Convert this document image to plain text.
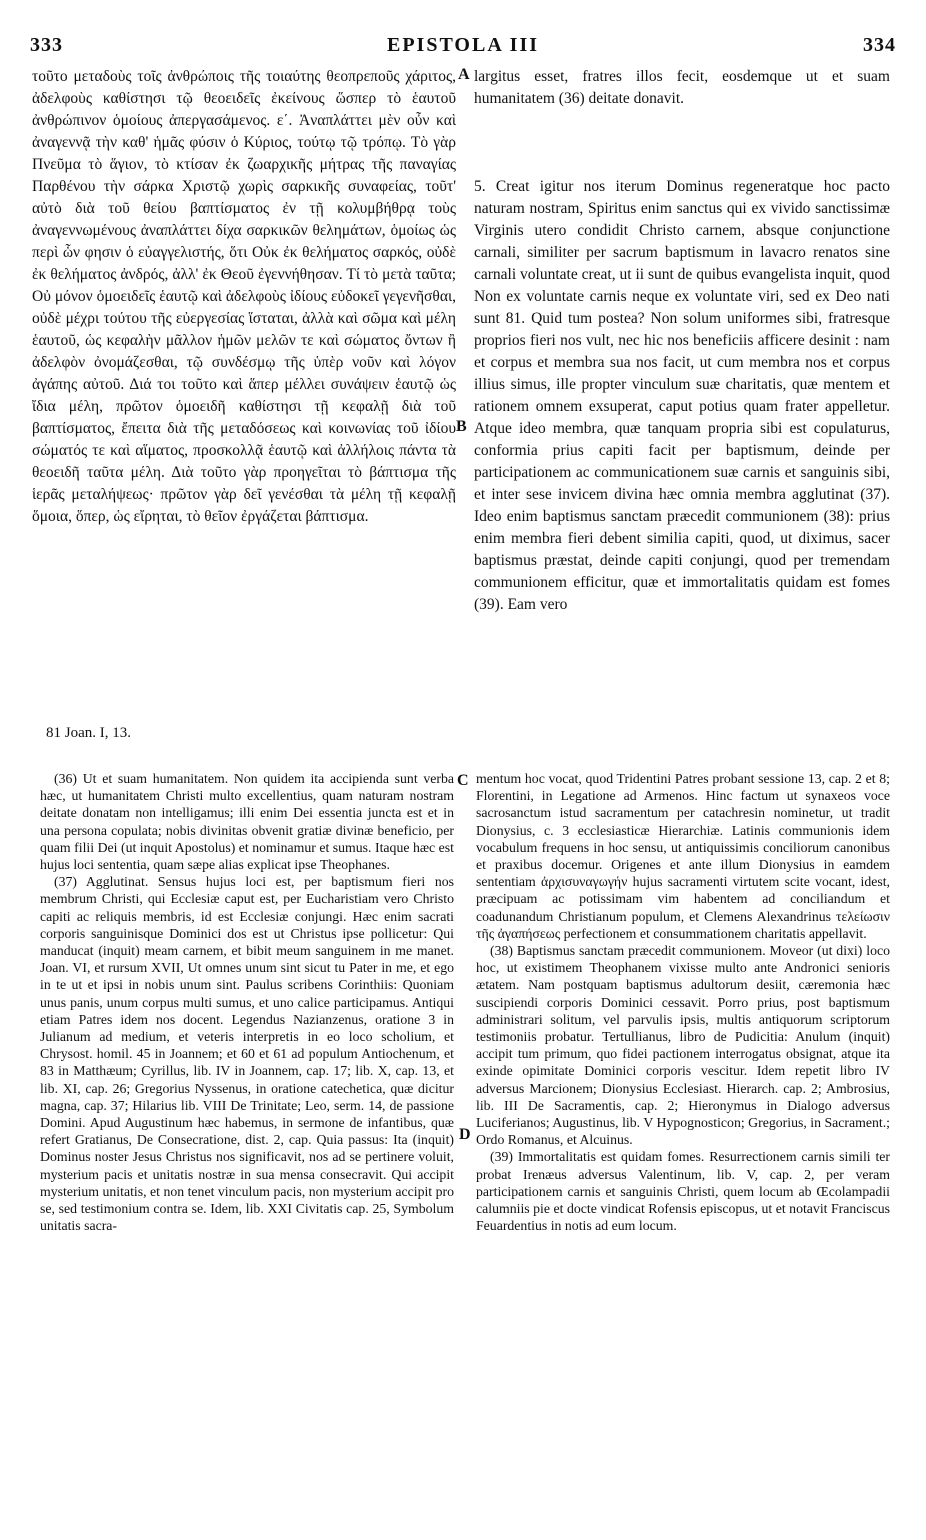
333	EPISTOLA III	334
A
B
C
D

τοῦτο μεταδοὺς τοῖς ἀνθρώποις τῆς τοιαύτης θεοπρεποῦς χάριτος, ἀδελφοὺς καθίστησι τῷ θεοειδεῖς ἐκείνους ὥσπερ τὸ ἑαυτοῦ ἀνθρώπινον ὁμοίους ἀπεργασάμενος. ε΄. Ἀναπλάττει μὲν οὖν καὶ ἀναγεννᾷ τὴν καθ' ἡμᾶς φύσιν ὁ Κύριος, τούτῳ τῷ τρόπῳ. Τὸ γὰρ Πνεῦμα τὸ ἅγιον, τὸ κτίσαν ἐκ ζωαρχικῆς μήτρας τῆς παναγίας Παρθένου τὴν σάρκα Χριστῷ χωρὶς σαρκικῆς συναφείας, τοῦτ' αὐτὸ διὰ τοῦ θείου βαπτίσματος ἐν τῇ κολυμβήθρᾳ τοὺς ἀναγεννωμένους ἀναπλάττει δίχα σαρκικῶν θελημάτων, ὁμοίως ὡς περὶ ὧν φησιν ὁ εὐαγγελιστής, ὅτι Οὐκ ἐκ θελήματος σαρκός, οὐδὲ ἐκ θελήματος ἀνδρός, ἀλλ' ἐκ Θεοῦ ἐγεννήθησαν. Τί τὸ μετὰ ταῦτα; Οὐ μόνον ὁμοειδεῖς ἑαυτῷ καὶ ἀδελφοὺς ἰδίους εὐδοκεῖ γεγενῆσθαι, οὐδὲ μέχρι τούτου τῆς εὐεργεσίας ἵσταται, ἀλλὰ καὶ σῶμα καὶ μέλη ἑαυτοῦ, ὡς κεφαλὴν μᾶλλον ἡμῶν μελῶν τε καὶ σώματος ὄντων ἢ ἀδελφὸν ὀνομάζεσθαι, τῷ συνδέσμῳ τῆς ὑπὲρ νοῦν καὶ λόγον ἀγάπης αὐτοῦ. Διά τοι τοῦτο καὶ ἅπερ μέλλει συνάψειν ἑαυτῷ ὡς ἴδια μέλη, πρῶτον ὁμοειδῆ καθίστησι τῇ κεφαλῇ διὰ τοῦ βαπτίσματος, ἔπειτα διὰ τῆς μεταδόσεως καὶ κοινωνίας τοῦ ἰδίου σώματός τε καὶ αἵματος, προσκολλᾷ ἑαυτῷ καὶ ἀλλήλοις πάντα τὰ θεοειδῆ ταῦτα μέλη. Διὰ τοῦτο γὰρ προηγεῖται τὸ βάπτισμα τῆς ἱερᾶς μεταλήψεως· πρῶτον γὰρ δεῖ γενέσθαι τὰ μέλη τῇ κεφαλῇ ὅμοια, ὅπερ, ὡς εἴρηται, τὸ θεῖον ἐργάζεται βάπτισμα.

largitus esset, fratres illos fecit, eosdemque ut et suam humanitatem (36) deitate donavit.

5. Creat igitur nos iterum Dominus regeneratque hoc pacto naturam nostram, Spiritus enim sanctus qui ex vivido sanctissimæ Virginis utero condidit Christo carnem, absque conjunctione carnali, similiter per sacrum baptismum in lavacro renatos sine carnali voluntate creat, ut ii sunt de quibus evangelista inquit, quod Non ex voluntate carnis neque ex voluntate viri, sed ex Deo nati sunt 81. Quid tum postea? Non solum uniformes sibi, fratresque proprios fieri nos vult, nec hic nos beneficiis afficere desinit : nam et corpus et membra sua nos facit, ut cum membra nos et corpus illius simus, ille propter vinculum suæ charitatis, quæ mentem et rationem omnem exsuperat, caput potius quam frater appelletur. Atque ideo membra, quæ tanquam propria sibi est copulaturus, conformia prius capiti facit per baptismum, deinde per participationem ac communicationem suæ carnis et sanguinis sibi, et inter sese invicem divina hæc omnia membra agglutinat (37). Ideo enim baptismus sanctam præcedit communionem (38): prius enim membra fieri debent similia capiti, quod, ut diximus, sacer baptismus præstat, deinde capiti conjungi, quod per tremendam communionem efficitur, quæ et immortalitatis quidam est fomes (39). Eam vero

81 Joan. I, 13.

(36) Ut et suam humanitatem. Non quidem ita accipienda sunt verba hæc, ut humanitatem Christi multo excellentius, quam naturam nostram deitate donatam non intelligamus; illi enim Dei essentia juncta est et in una persona copulata; nobis divinitas obvenit gratiæ divinæ beneficio, per quam filii Dei (ut inquit Apostolus) et nominamur et sumus. Itaque hæc est hujus loci sententia, quam sæpe alias explicat ipse Theophanes.

(37) Agglutinat. Sensus hujus loci est, per baptismum fieri nos membrum Christi, qui Ecclesiæ caput est, per Eucharistiam vero Christo capiti ac reliquis membris, id est Ecclesiæ conjungi. Hæc enim sacrati corporis sanguinisque Dominici dos est ut Christus ipse pollicetur: Qui manducat (inquit) meam carnem, et bibit meum sanguinem in me manet. Joan. VI, et rursum XVII, Ut omnes unum sint sicut tu Pater in me, et ego in te ut et ipsi in nobis unum sint. Paulus scribens Corinthiis: Quoniam unus panis, unum corpus multi sumus, et uno calice participamus. Antiqui etiam Patres idem nos docent. Legendus Nazianzenus, oratione 3 in Julianum ad medium, et veteris interpretis in eo loco scholium, et Chrysost. homil. 45 in Joannem; et 60 et 61 ad populum Antiochenum, et 83 in Matthæum; Cyrillus, lib. IV in Joannem, cap. 17; lib. X, cap. 13, et lib. XI, cap. 26; Gregorius Nyssenus, in oratione catechetica, quæ dicitur magna, cap. 37; Hilarius lib. VIII De Trinitate; Leo, serm. 14, de passione Domini. Apud Augustinum hæc habemus, in sermone de infantibus, quæ refert Gratianus, De Consecratione, dist. 2, cap. Quia passus: Ita (inquit) Dominus noster Jesus Christus nos significavit, nos ad se pertinere voluit, mysterium pacis et unitatis nostræ in sua mensa consecravit. Qui accipit mysterium unitatis, et non tenet vinculum pacis, non mysterium accipit pro se, sed testimonium contra se. Idem, lib. XXI Civitatis cap. 25, Symbolum unitatis sacra-

mentum hoc vocat, quod Tridentini Patres probant sessione 13, cap. 2 et 8; Florentini, in Legatione ad Armenos. Hinc factum ut synaxeos voce sacrosanctum istud sacramentum per catachresin nominetur, ut tradit Dionysius, c. 3 ecclesiasticæ Hierarchiæ. Latinis communionis idem vocabulum frequens in hoc sensu, ut antiquissimis conciliorum canonibus et praxibus docemur. Origenes et ante illum Dionysius in eamdem sententiam ἀρχισυναγωγήν hujus sacramenti virtutem scite vocant, idest, præcipuam ac potissimam vim habentem ad conciliandum et coadunandum Christianum populum, et Clemens Alexandrinus τελείωσιν τῆς ἀγαπήσεως perfectionem et consummationem charitatis appellavit.

(38) Baptismus sanctam præcedit communionem. Moveor (ut dixi) loco hoc, ut existimem Theophanem vixisse multo ante Andronici senioris ætatem. Nam postquam baptismus adultorum desiit, cæremonia hæc suscipiendi corporis Dominici cessavit. Porro prius, post baptismum administrari solitum, vel parvulis ipsis, multis antiquorum scriptorum testimoniis probatur. Tertullianus, libro de Pudicitia: Anulum (inquit) accipit tum primum, quo fidei pactionem interrogatus obsignat, atque ita exinde opimitate Dominici corporis vescitur. Idem repetit libro IV adversus Marcionem; Dionysius Ecclesiast. Hierarch. cap. 2; Ambrosius, lib. III De Sacramentis, cap. 2; Hieronymus in Dialogo adversus Luciferianos; Augustinus, lib. V Hypognosticon; Gregorius, in Sacrament.; Ordo Romanus, et Alcuinus.

(39) Immortalitatis est quidam fomes. Resurrectionem carnis simili ter probat Irenæus adversus Valentinum, lib. V, cap. 2, per veram participationem carnis et sanguinis Christi, quem locum ab Œcolampadii calumniis pie et docte vindicat Rofensis episcopus, ut et notavit Franciscus Feuardentius in notis ad eum locum.
